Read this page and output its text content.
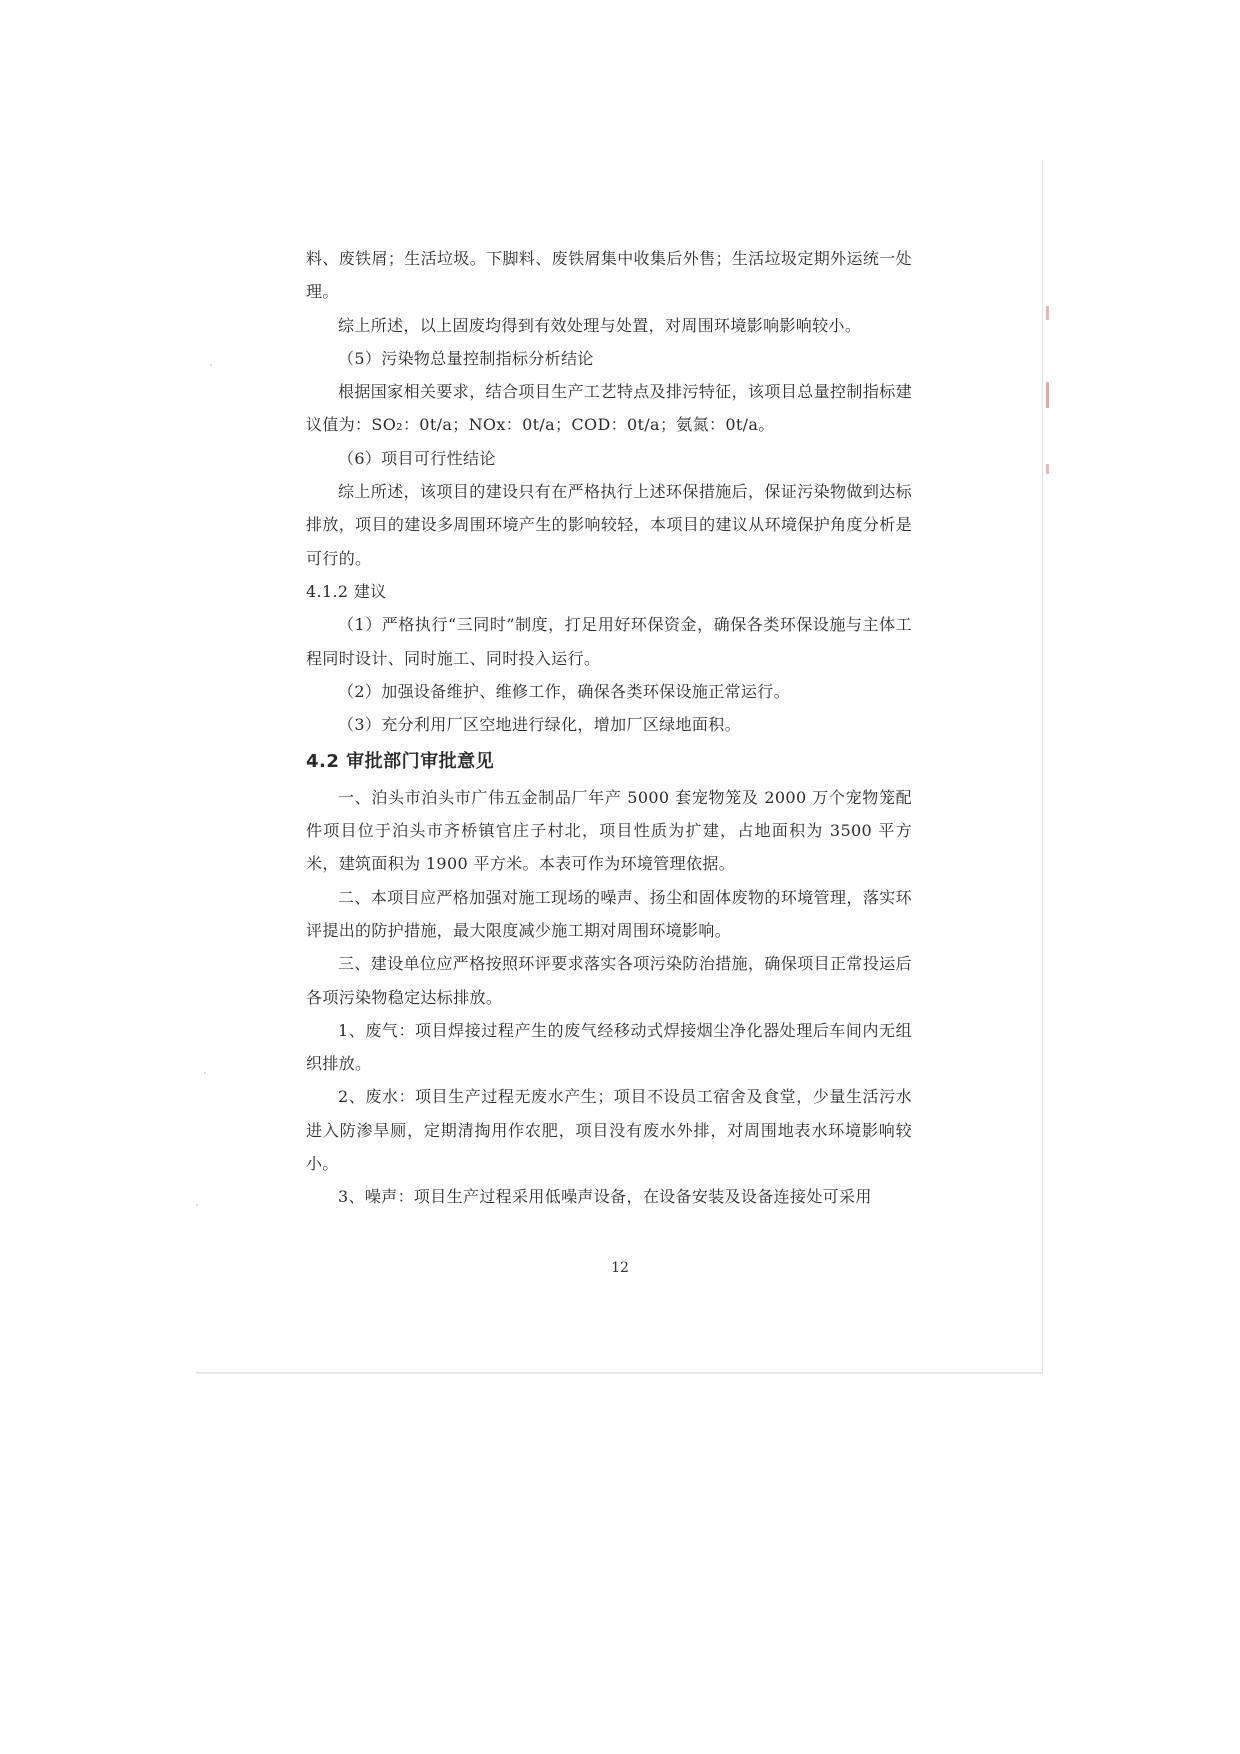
料、废铁屑；生活垃圾。下脚料、废铁屑集中收集后外售；生活垃圾定期外运统一处理。

综上所述，以上固废均得到有效处理与处置，对周围环境影响影响较小。

（5）污染物总量控制指标分析结论

根据国家相关要求，结合项目生产工艺特点及排污特征，该项目总量控制指标建议值为：SO₂：0t/a；NOx：0t/a；COD：0t/a；氨氮：0t/a。

（6）项目可行性结论

综上所述，该项目的建设只有在严格执行上述环保措施后，保证污染物做到达标排放，项目的建设多周围环境产生的影响较轻，本项目的建议从环境保护角度分析是可行的。

4.1.2 建议

（1）严格执行“三同时”制度，打足用好环保资金，确保各类环保设施与主体工程同时设计、同时施工、同时投入运行。

（2）加强设备维护、维修工作，确保各类环保设施正常运行。

（3）充分利用厂区空地进行绿化，增加厂区绿地面积。

4.2 审批部门审批意见

一、泊头市泊头市广伟五金制品厂年产 5000 套宠物笼及 2000 万个宠物笼配件项目位于泊头市齐桥镇官庄子村北，项目性质为扩建，占地面积为 3500 平方米，建筑面积为 1900 平方米。本表可作为环境管理依据。

二、本项目应严格加强对施工现场的噪声、扬尘和固体废物的环境管理，落实环评提出的防护措施，最大限度减少施工期对周围环境影响。

三、建设单位应严格按照环评要求落实各项污染防治措施，确保项目正常投运后各项污染物稳定达标排放。

1、废气：项目焊接过程产生的废气经移动式焊接烟尘净化器处理后车间内无组织排放。

2、废水：项目生产过程无废水产生；项目不设员工宿舍及食堂，少量生活污水进入防渗旱厕，定期清掏用作农肥，项目没有废水外排，对周围地表水环境影响较小。

3、噪声：项目生产过程采用低噪声设备，在设备安装及设备连接处可采用

12
